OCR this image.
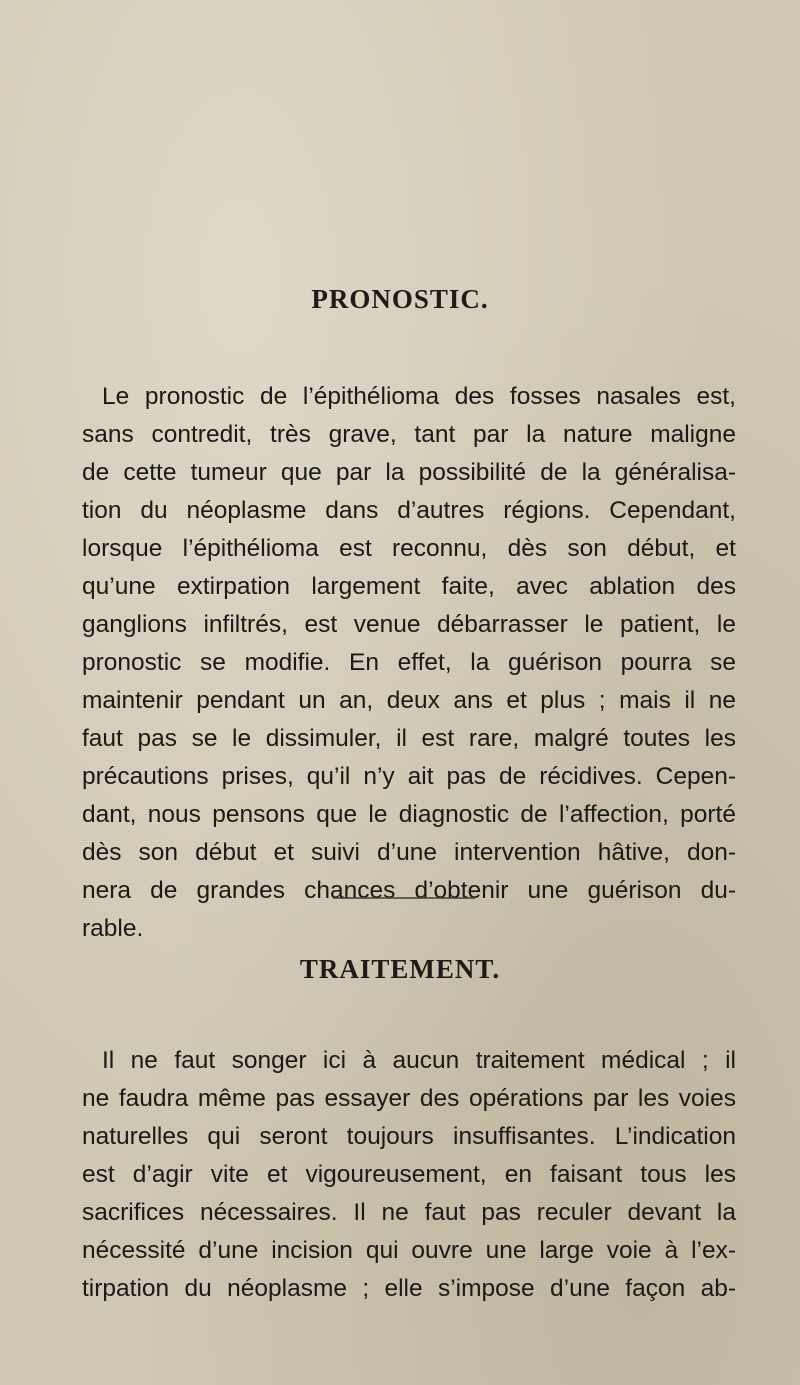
PRONOSTIC.
Le pronostic de l’épithélioma des fosses nasales est,
sans contredit, très grave, tant par la nature maligne
de cette tumeur que par la possibilité de la généralisa-
tion du néoplasme dans d’autres régions. Cependant,
lorsque l’épithélioma est reconnu, dès son début, et
qu’une extirpation largement faite, avec ablation des
ganglions infiltrés, est venue débarrasser le patient, le
pronostic se modifie. En effet, la guérison pourra se
maintenir pendant un an, deux ans et plus ; mais il ne
faut pas se le dissimuler, il est rare, malgré toutes les
précautions prises, qu’il n’y ait pas de récidives. Cepen-
dant, nous pensons que le diagnostic de l’affection, porté
dès son début et suivi d’une intervention hâtive, don-
nera de grandes chances d’obtenir une guérison du-
rable.
TRAITEMENT.
Il ne faut songer ici à aucun traitement médical ; il
ne faudra même pas essayer des opérations par les voies
naturelles qui seront toujours insuffisantes. L’indication
est d’agir vite et vigoureusement, en faisant tous les
sacrifices nécessaires. Il ne faut pas reculer devant la
nécessité d’une incision qui ouvre une large voie à l’ex-
tirpation du néoplasme ; elle s’impose d’une façon ab-
